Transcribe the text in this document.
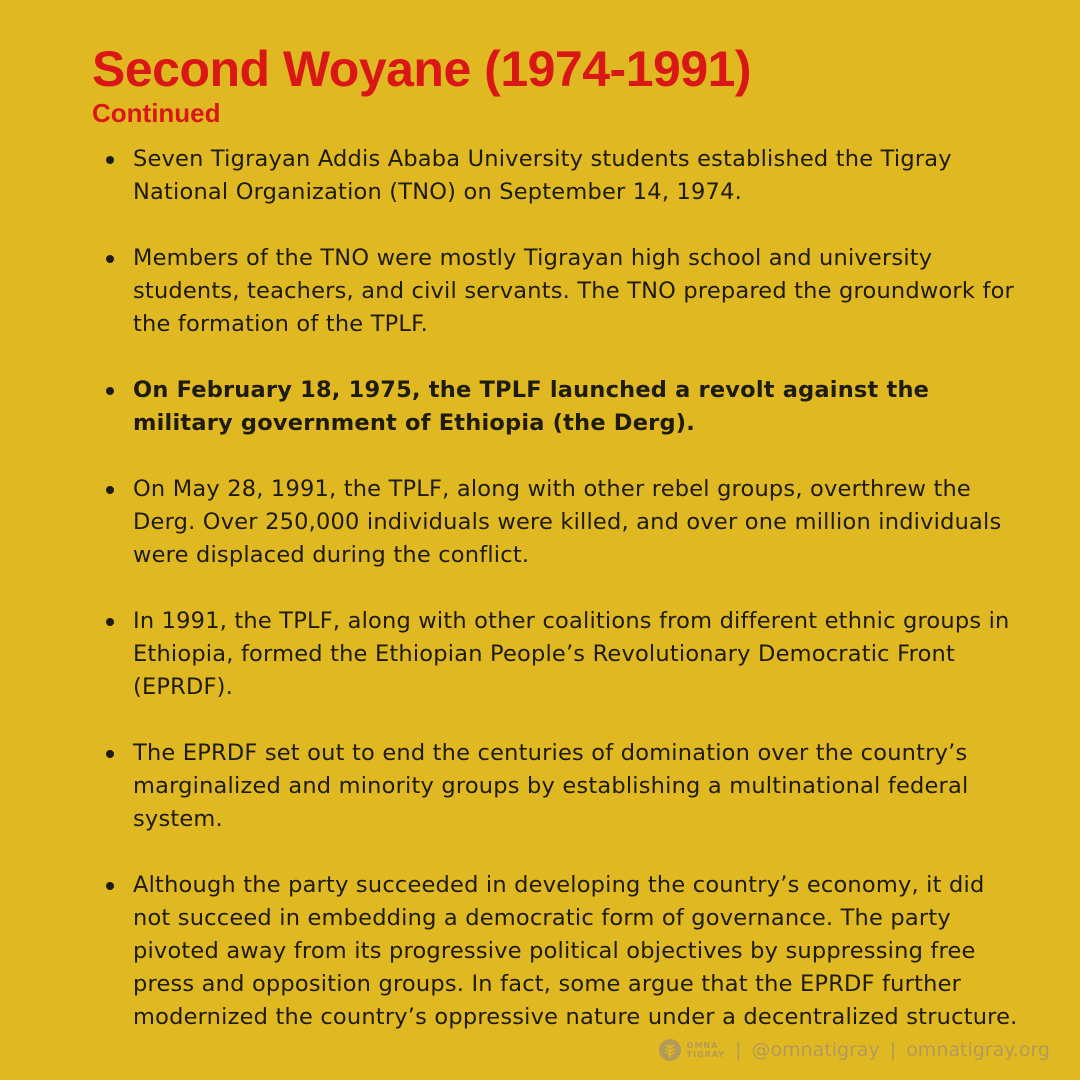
Second Woyane (1974-1991)
Continued
Seven Tigrayan Addis Ababa University students established the Tigray National Organization (TNO) on September 14, 1974.
Members of the TNO were mostly Tigrayan high school and university students, teachers, and civil servants. The TNO prepared the groundwork for the formation of the TPLF.
On February 18, 1975, the TPLF launched a revolt against the military government of Ethiopia (the Derg).
On May 28, 1991, the TPLF, along with other rebel groups, overthrew the Derg. Over 250,000 individuals were killed, and over one million individuals were displaced during the conflict.
In 1991, the TPLF, along with other coalitions from different ethnic groups in Ethiopia, formed the Ethiopian People’s Revolutionary Democratic Front (EPRDF).
The EPRDF set out to end the centuries of domination over the country’s marginalized and minority groups by establishing a multinational federal system.
Although the party succeeded in developing the country’s economy, it did not succeed in embedding a democratic form of governance. The party pivoted away from its progressive political objectives by suppressing free press and opposition groups. In fact, some argue that the EPRDF further modernized the country’s oppressive nature under a decentralized structure.
OMNA
TIGRAY | @omnatigray | omnatigray.org
